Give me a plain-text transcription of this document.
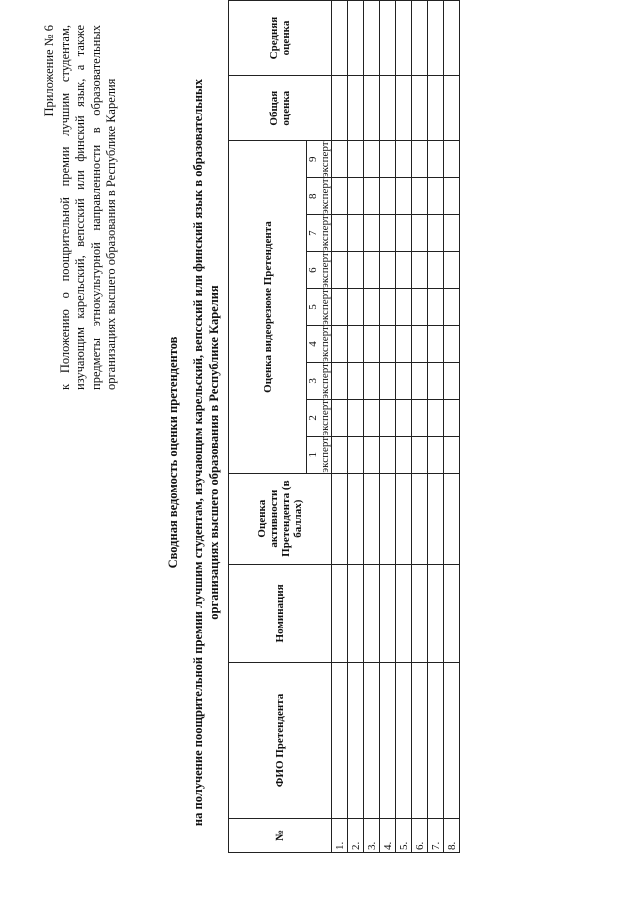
Приложение № 6 к Положению о поощрительной премии лучшим студентам, изучающим карельский, вепсский или финский язык, а также предметы этнокультурной направленности в образовательных организациях высшего образования в Республике Карелия
Сводная ведомость оценки претендентов на получение поощрительной премии лучшим студентам, изучающим карельский, вепсский или финский язык в образовательных организациях высшего образования в Республике Карелия
№	ФИО Претендента	Номинация	Оценка активности Претендента (в баллах)	Оценка видеорезюме Претендента									Общая оценка	Средняя оценка
				1 эксперт	2 эксперт	3 эксперт	4 эксперт	5 эксперт	6 эксперт	7 эксперт	8 эксперт	9 эксперт		
1.														
2.														
3.														
4.														
5.														
6.														
7.														
8.														
